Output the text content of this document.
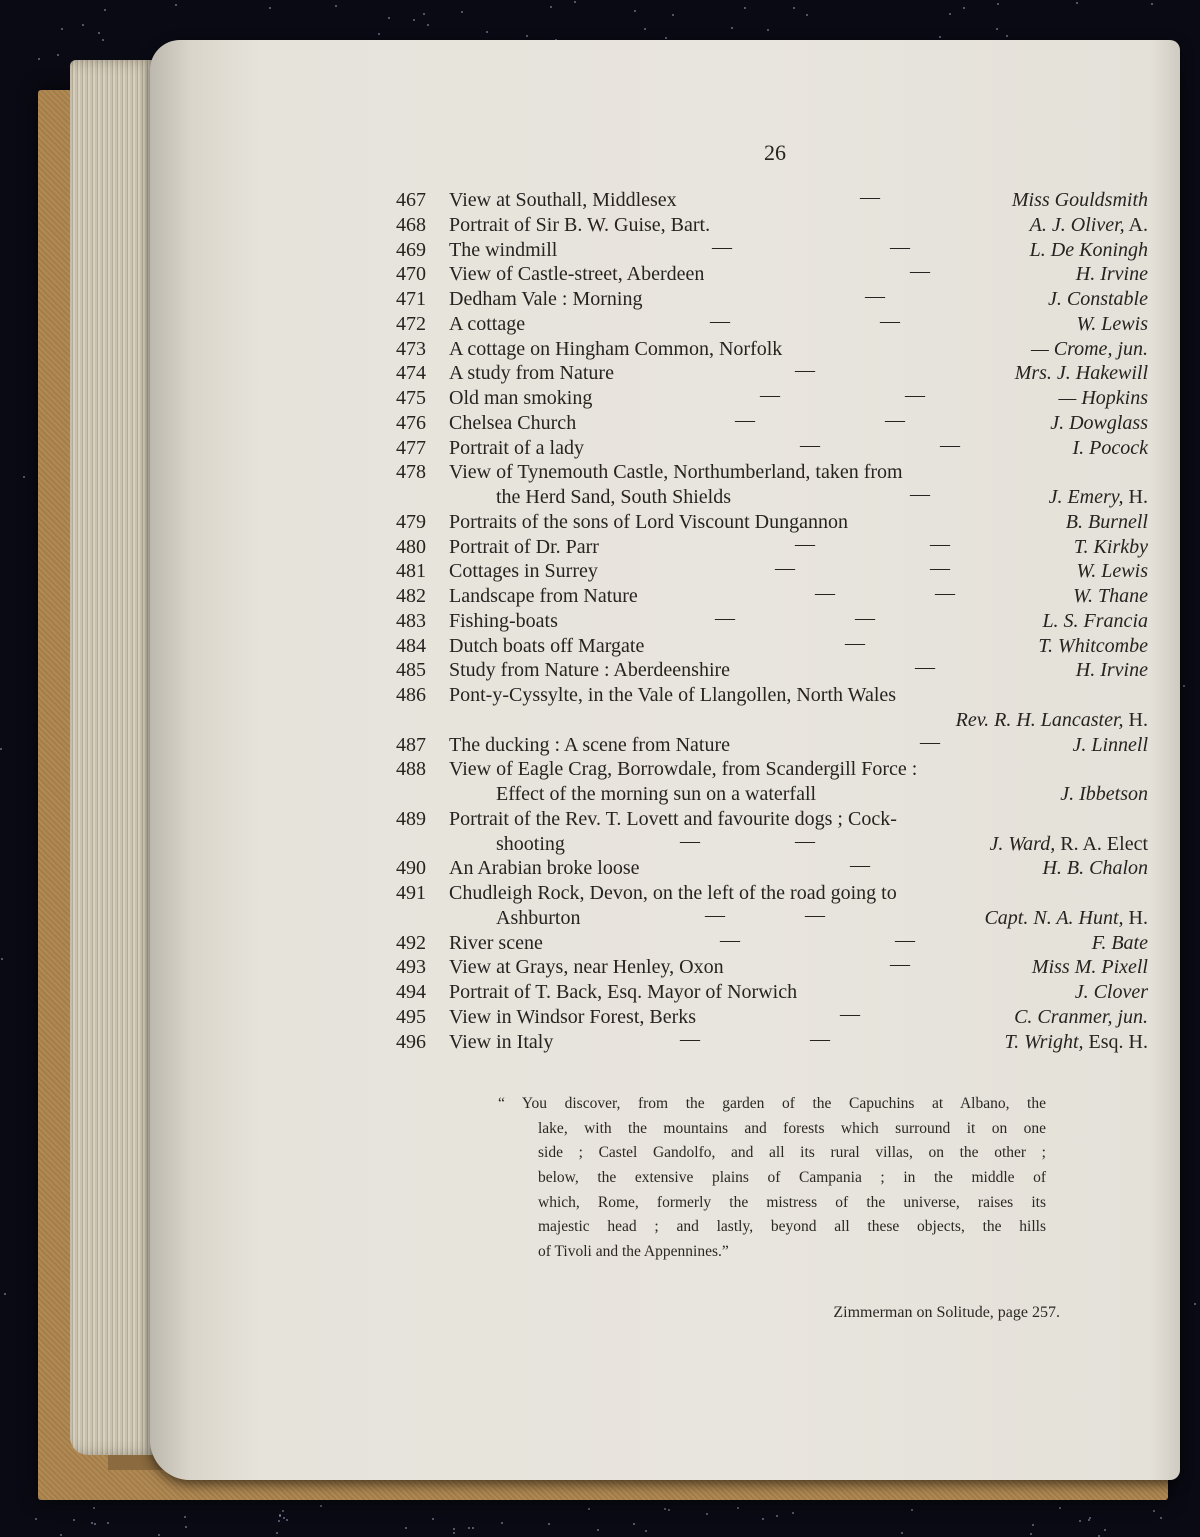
26
467	View at Southall, Middlesex	—	Miss Gouldsmith
468	Portrait of Sir B. W. Guise, Bart.	A. J. Oliver, A.
469	The windmill	—	—	L. De Koningh
470	View of Castle-street, Aberdeen	—	H. Irvine
471	Dedham Vale : Morning	—	J. Constable
472	A cottage	—	—	W. Lewis
473	A cottage on Hingham Common, Norfolk	— Crome, jun.
474	A study from Nature	—	Mrs. J. Hakewill
475	Old man smoking	—	—	— Hopkins
476	Chelsea Church	—	—	J. Dowglass
477	Portrait of a lady	—	—	I. Pocock
478	View of Tynemouth Castle, Northumberland, taken from
the Herd Sand, South Shields	—	J. Emery, H.
479	Portraits of the sons of Lord Viscount Dungannon	B. Burnell
480	Portrait of Dr. Parr	—	—	T. Kirkby
481	Cottages in Surrey	—	—	W. Lewis
482	Landscape from Nature	—	—	W. Thane
483	Fishing-boats	—	—	L. S. Francia
484	Dutch boats off Margate	—	T. Whitcombe
485	Study from Nature : Aberdeenshire	—	H. Irvine
486	Pont-y-Cyssylte, in the Vale of Llangollen, North Wales
Rev. R. H. Lancaster, H.
487	The ducking : A scene from Nature	—	J. Linnell
488	View of Eagle Crag, Borrowdale, from Scandergill Force :
Effect of the morning sun on a waterfall	J. Ibbetson
489	Portrait of the Rev. T. Lovett and favourite dogs ; Cock-
shooting	—	—	J. Ward, R. A. Elect
490	An Arabian broke loose	—	H. B. Chalon
491	Chudleigh Rock, Devon, on the left of the road going to
Ashburton	—	—	Capt. N. A. Hunt, H.
492	River scene	—	—	F. Bate
493	View at Grays, near Henley, Oxon	—	Miss M. Pixell
494	Portrait of T. Back, Esq. Mayor of Norwich	J. Clover
495	View in Windsor Forest, Berks	—	C. Cranmer, jun.
496	View in Italy	—	—	T. Wright, Esq. H.
“ You discover, from the garden of the Capuchins at Albano, the
lake, with the mountains and forests which surround it on one
side ; Castel Gandolfo, and all its rural villas, on the other ;
below, the extensive plains of Campania ; in the middle of
which, Rome, formerly the mistress of the universe, raises its
majestic head ; and lastly, beyond all these objects, the hills
of Tivoli and the Appennines.”
Zimmerman on Solitude, page 257.
